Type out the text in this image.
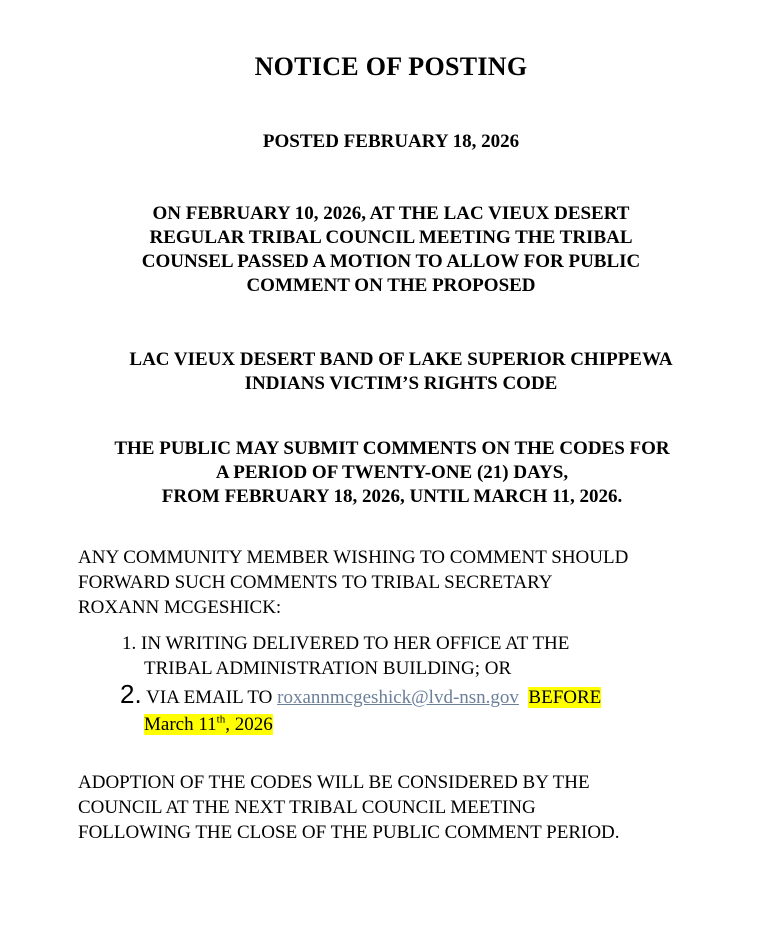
NOTICE OF POSTING
POSTED FEBRUARY 18, 2026
ON FEBRUARY 10, 2026, AT THE LAC VIEUX DESERT
REGULAR TRIBAL COUNCIL MEETING THE TRIBAL
COUNSEL PASSED A MOTION TO ALLOW FOR PUBLIC
COMMENT ON THE PROPOSED
LAC VIEUX DESERT BAND OF LAKE SUPERIOR CHIPPEWA
INDIANS VICTIM’S RIGHTS CODE
THE PUBLIC MAY SUBMIT COMMENTS ON THE CODES FOR
A PERIOD OF TWENTY-ONE (21) DAYS,
FROM FEBRUARY 18, 2026, UNTIL MARCH 11, 2026.
ANY COMMUNITY MEMBER WISHING TO COMMENT SHOULD
FORWARD SUCH COMMENTS TO TRIBAL SECRETARY
ROXANN MCGESHICK:
1. IN WRITING DELIVERED TO HER OFFICE AT THE
TRIBAL ADMINISTRATION BUILDING; OR
2. VIA EMAIL TO roxannmcgeshick@lvd-nsn.gov BEFORE
March 11th, 2026
ADOPTION OF THE CODES WILL BE CONSIDERED BY THE
COUNCIL AT THE NEXT TRIBAL COUNCIL MEETING
FOLLOWING THE CLOSE OF THE PUBLIC COMMENT PERIOD.
